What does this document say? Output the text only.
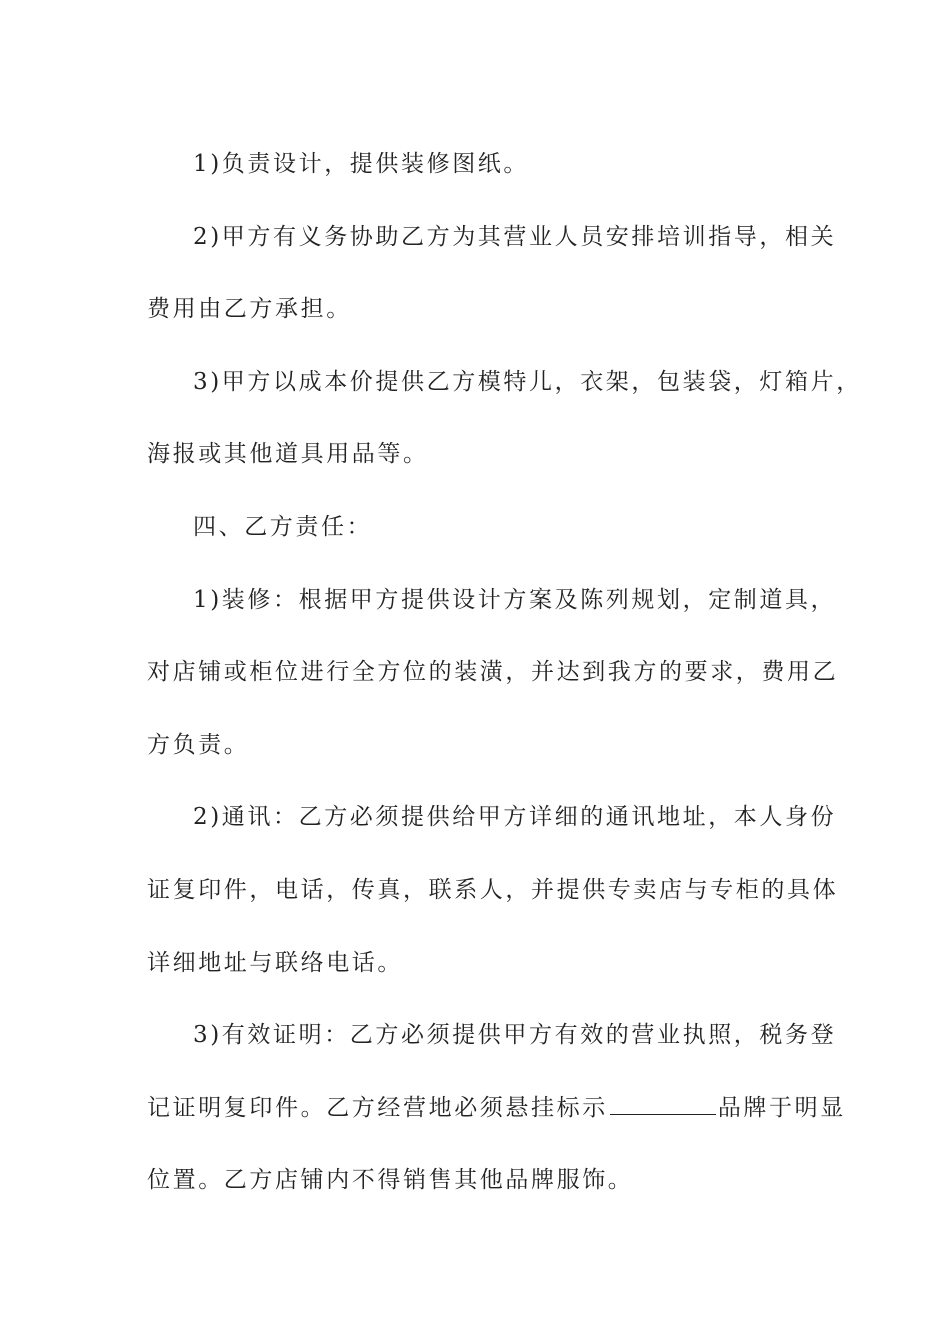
1)负责设计，提供装修图纸。

2)甲方有义务协助乙方为其营业人员安排培训指导，相关

费用由乙方承担。

3)甲方以成本价提供乙方模特儿，衣架，包装袋，灯箱片，

海报或其他道具用品等。

四、乙方责任：

1)装修：根据甲方提供设计方案及陈列规划，定制道具，

对店铺或柜位进行全方位的装潢，并达到我方的要求，费用乙

方负责。

2)通讯：乙方必须提供给甲方详细的通讯地址，本人身份

证复印件，电话，传真，联系人，并提供专卖店与专柜的具体

详细地址与联络电话。

3)有效证明：乙方必须提供甲方有效的营业执照，税务登

记证明复印件。乙方经营地必须悬挂标示	品牌于明显

位置。乙方店铺内不得销售其他品牌服饰。
